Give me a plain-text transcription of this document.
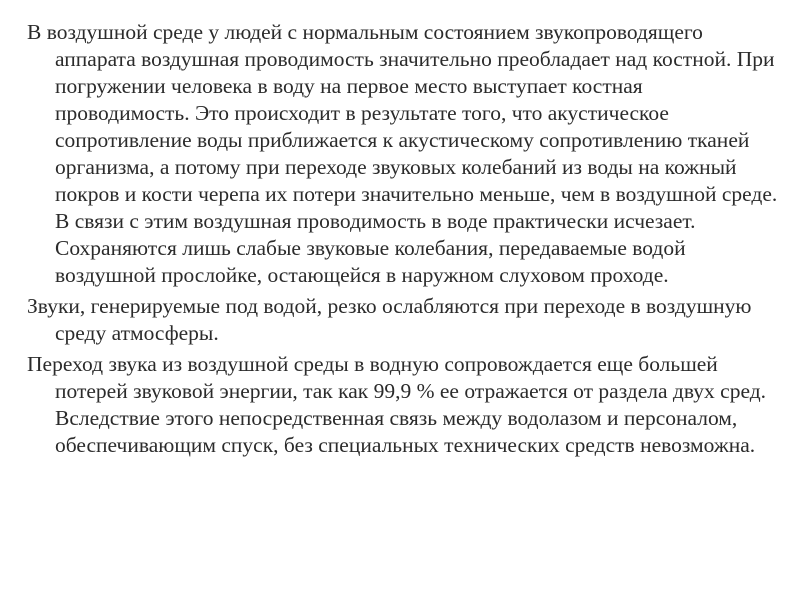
В воздушной среде у людей с нормальным состоянием звукопроводящего аппарата воздушная проводимость значительно преобладает над костной. При погружении человека в воду на первое место выступает костная проводимость. Это происходит в результате того, что акустическое сопротивление воды приближается к акустическому сопротивлению тканей организма, а потому при переходе звуковых колебаний из воды на кожный покров и кости черепа их потери значительно меньше, чем в воздушной среде. В связи с этим воздушная проводимость в воде практически исчезает. Сохраняются лишь слабые звуковые колебания, передаваемые водой воздушной прослойке, остающейся в наружном слуховом проходе.

Звуки, генерируемые под водой, резко ослабляются при переходе в воздушную среду атмосферы.

Переход звука из воздушной среды в водную сопровождается еще большей потерей звуковой энергии, так как 99,9 % ее отражается от раздела двух сред. Вследствие этого непосредственная связь между водолазом и персоналом, обеспечивающим спуск, без специальных технических средств невозможна.
